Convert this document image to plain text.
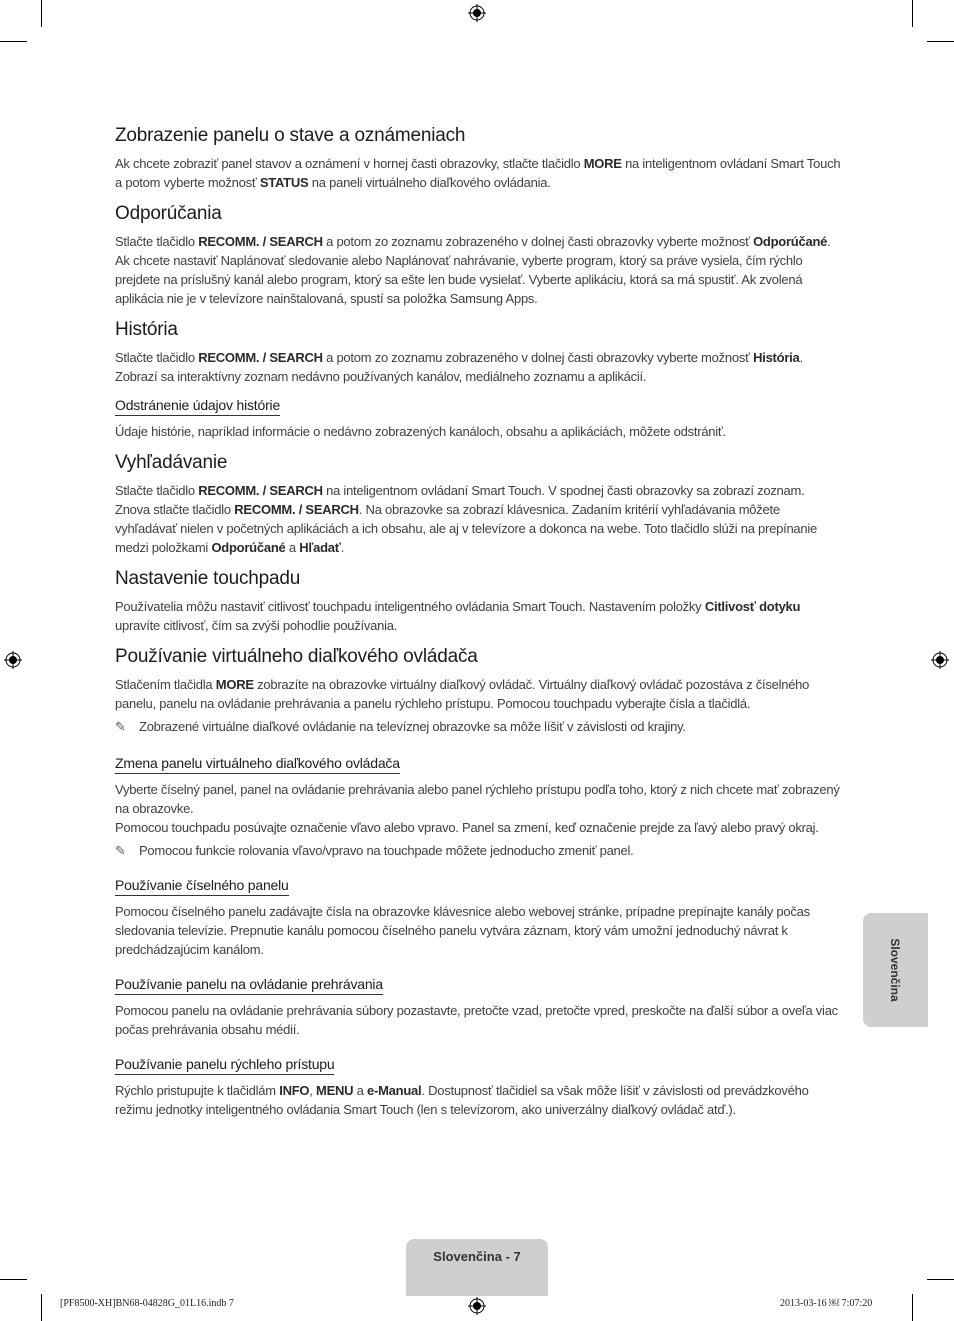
Zobrazenie panelu o stave a oznámeniach

Ak chcete zobraziť panel stavov a oznámení v hornej časti obrazovky, stlačte tlačidlo MORE na inteligentnom ovládaní Smart Touch a potom vyberte možnosť STATUS na paneli virtuálneho diaľkového ovládania.

Odporúčania

Stlačte tlačidlo RECOMM. / SEARCH a potom zo zoznamu zobrazeného v dolnej časti obrazovky vyberte možnosť Odporúčané. Ak chcete nastaviť Naplánovať sledovanie alebo Naplánovať nahrávanie, vyberte program, ktorý sa práve vysiela, čím rýchlo prejdete na príslušný kanál alebo program, ktorý sa ešte len bude vysielať. Vyberte aplikáciu, ktorá sa má spustiť. Ak zvolená aplikácia nie je v televízore nainštalovaná, spustí sa položka Samsung Apps.

História

Stlačte tlačidlo RECOMM. / SEARCH a potom zo zoznamu zobrazeného v dolnej časti obrazovky vyberte možnosť História. Zobrazí sa interaktívny zoznam nedávno používaných kanálov, mediálneho zoznamu a aplikácií.

Odstránenie údajov histórie

Údaje histórie, napríklad informácie o nedávno zobrazených kanáloch, obsahu a aplikáciách, môžete odstrániť.

Vyhľadávanie

Stlačte tlačidlo RECOMM. / SEARCH na inteligentnom ovládaní Smart Touch. V spodnej časti obrazovky sa zobrazí zoznam. Znova stlačte tlačidlo RECOMM. / SEARCH. Na obrazovke sa zobrazí klávesnica. Zadaním kritérií vyhľadávania môžete vyhľadávať nielen v početných aplikáciách a ich obsahu, ale aj v televízore a dokonca na webe. Toto tlačidlo slúži na prepínanie medzi položkami Odporúčané a Hľadať.

Nastavenie touchpadu

Používatelia môžu nastaviť citlivosť touchpadu inteligentného ovládania Smart Touch. Nastavením položky Citlivosť dotyku upravíte citlivosť, čím sa zvýši pohodlie používania.

Používanie virtuálneho diaľkového ovládača

Stlačením tlačidla MORE zobrazíte na obrazovke virtuálny diaľkový ovládač. Virtuálny diaľkový ovládač pozostáva z číselného panelu, panelu na ovládanie prehrávania a panelu rýchleho prístupu. Pomocou touchpadu vyberajte čísla a tlačidlá.

✎	Zobrazené virtuálne diaľkové ovládanie na televíznej obrazovke sa môže líšiť v závislosti od krajiny.

Zmena panelu virtuálneho diaľkového ovládača

Vyberte číselný panel, panel na ovládanie prehrávania alebo panel rýchleho prístupu podľa toho, ktorý z nich chcete mať zobrazený na obrazovke.

Pomocou touchpadu posúvajte označenie vľavo alebo vpravo. Panel sa zmení, keď označenie prejde za ľavý alebo pravý okraj.

✎	Pomocou funkcie rolovania vľavo/vpravo na touchpade môžete jednoducho zmeniť panel.

Používanie číselného panelu

Pomocou číselného panelu zadávajte čísla na obrazovke klávesnice alebo webovej stránke, prípadne prepínajte kanály počas sledovania televízie. Prepnutie kanálu pomocou číselného panelu vytvára záznam, ktorý vám umožní jednoduchý návrat k predchádzajúcim kanálom.

Používanie panelu na ovládanie prehrávania

Pomocou panelu na ovládanie prehrávania súbory pozastavte, pretočte vzad, pretočte vpred, preskočte na ďalší súbor a oveľa viac počas prehrávania obsahu médií.

Používanie panelu rýchleho prístupu

Rýchlo pristupujte k tlačidlám INFO, MENU a e-Manual. Dostupnosť tlačidiel sa však môže líšiť v závislosti od prevádzkového režimu jednotky inteligentného ovládania Smart Touch (len s televízorom, ako univerzálny diaľkový ovládač atď.).

Slovenčina
Slovenčina - 7
[PF8500-XH]BN68-04828G_01L16.indb 7	2013-03-16 ￼ 7:07:20
